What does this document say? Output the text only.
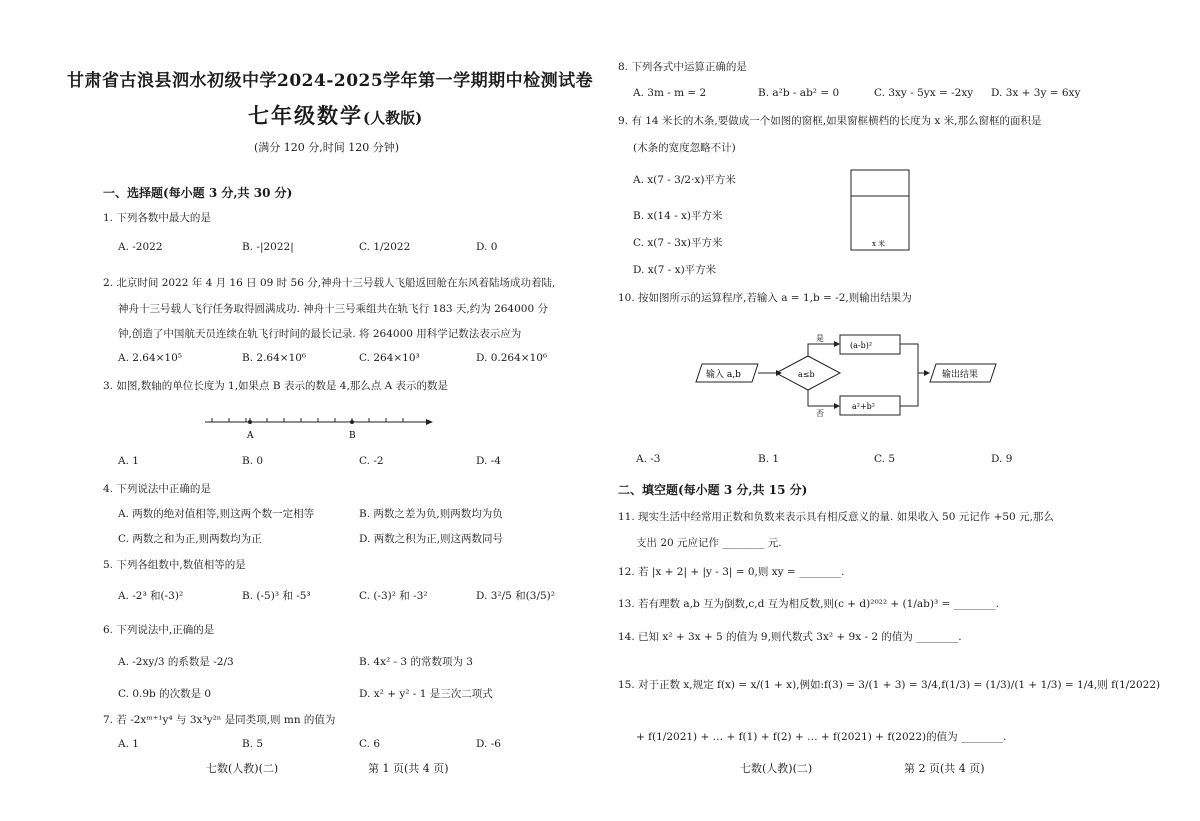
甘肃省古浪县泗水初级中学2024-2025学年第一学期期中检测试卷
七年级数学(人教版)
(满分 120 分,时间 120 分钟)
一、选择题(每小题 3 分,共 30 分)
1. 下列各数中最大的是
A. -2022	B. -|2022|	C. 1/2022	D. 0
2. 北京时间 2022 年 4 月 16 日 09 时 56 分,神舟十三号载人飞船返回舱在东风着陆场成功着陆,
神舟十三号载人飞行任务取得圆满成功. 神舟十三号乘组共在轨飞行 183 天,约为 264000 分
钟,创造了中国航天员连续在轨飞行时间的最长记录. 将 264000 用科学记数法表示应为
A. 2.64×10⁵	B. 2.64×10⁶	C. 264×10³	D. 0.264×10⁶
3. 如图,数轴的单位长度为 1,如果点 B 表示的数是 4,那么点 A 表示的数是
A	B
A. 1	B. 0	C. -2	D. -4
4. 下列说法中正确的是
A. 两数的绝对值相等,则这两个数一定相等	B. 两数之差为负,则两数均为负
C. 两数之和为正,则两数均为正	D. 两数之积为正,则这两数同号
5. 下列各组数中,数值相等的是
A. -2³ 和(-3)²	B. (-5)³ 和 -5³	C. (-3)² 和 -3²	D. 3²/5 和(3/5)²
6. 下列说法中,正确的是
A. -2xy/3 的系数是 -2/3	B. 4x² - 3 的常数项为 3
C. 0.9b 的次数是 0	D. x² + y² - 1 是三次二项式
7. 若 -2xᵐ⁺¹y⁴ 与 3x³y²ⁿ 是同类项,则 mn 的值为
A. 1	B. 5	C. 6	D. -6
七数(人教)(二)	第 1 页(共 4 页)
8. 下列各式中运算正确的是
A. 3m - m = 2	B. a²b - ab² = 0	C. 3xy - 5yx = -2xy D. 3x + 3y = 6xy
9. 有 14 米长的木条,要做成一个如图的窗框,如果窗框横档的长度为 x 米,那么窗框的面积是
(木条的宽度忽略不计)
A. x(7 - 3/2·x)平方米
B. x(14 - x)平方米
C. x(7 - 3x)平方米
D. x(7 - x)平方米
x 米
10. 按如图所示的运算程序,若输入 a = 1,b = -2,则输出结果为
输入 a,b	a≤b
是
否
(a-b)²
a²+b²
输出结果
A. -3	B. 1	C. 5	D. 9
二、填空题(每小题 3 分,共 15 分)
11. 现实生活中经常用正数和负数来表示具有相反意义的量. 如果收入 50 元记作 +50 元,那么
支出 20 元应记作 ________ 元.
12. 若 |x + 2| + |y - 3| = 0,则 xy = ________.
13. 若有理数 a,b 互为倒数,c,d 互为相反数,则(c + d)²⁰²² + (1/ab)³ = ________.
14. 已知 x² + 3x + 5 的值为 9,则代数式 3x² + 9x - 2 的值为 ________.
15. 对于正数 x,规定 f(x) = x/(1 + x),例如:f(3) = 3/(1 + 3) = 3/4,f(1/3) = (1/3)/(1 + 1/3) = 1/4,则 f(1/2022)
+ f(1/2021) + … + f(1) + f(2) + … + f(2021) + f(2022)的值为 ________.
七数(人教)(二)	第 2 页(共 4 页)
